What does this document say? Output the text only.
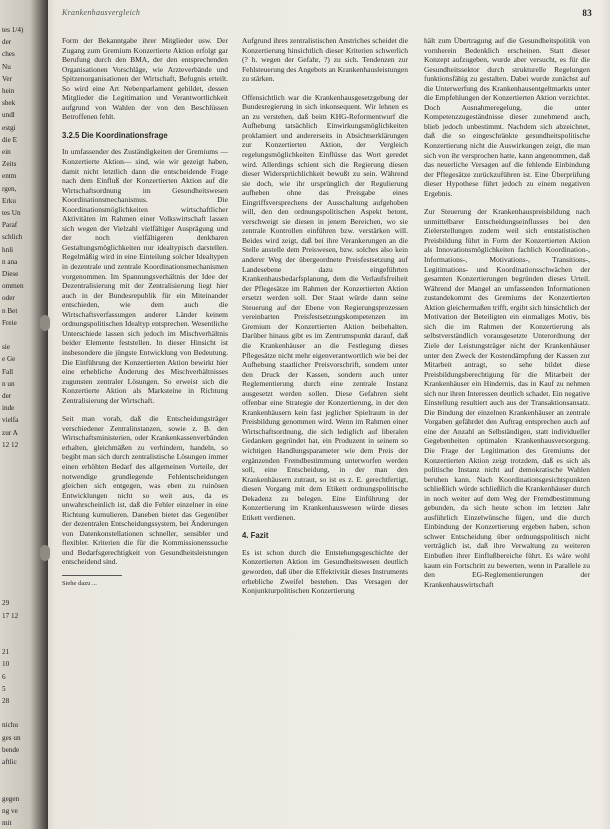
tes 1/4)
der
ches
Nu
Ver
hein
sbek
undl
estgi
die E
ein
Zeits
entm
rgen,
Erku
tes Un
Paraf
schlich
hnli
n ana
Diese
ommen
oder
n Bet
Freie
sie
e Ge
Fall
n un
der
inde
vielfa
zur A
12 12
29
17 12
21
10
6
5
28
nichu
ges un
bende
aftlic
gegen
ng ve
mit
Krankenhausvergleich	83

Form der Bekanntgabe ihrer Mitglieder usw. Der Zugang zum Gremium Konzertierte Aktion erfolgt gar Berufung durch den BMA, der den entsprechenden Organisationen Vorschläge, wie Arzteverbände und Spitzenorganisationen der Wirtschaft, Befugnis erteilt. So wird eine Art Nebenparlament gebildet, dessen Mitglieder die Legitimation und Verantwortlichkeit aufgrund von Wahlen der von den Beschlüssen Betroffenen fehlt.

3.2.5 Die Koordinationsfrage

In umfassender des Zuständigkeiten der Gremiums — Konzertierte Aktion— sind, wie wir gezeigt haben, damit nicht letztlich dann die entscheidende Frage nach dem Einfluß der Konzertierten Aktion auf die Wirtschaftsordnung im Gesundheitswesen Koordinationsmechanismus. Die Koordinationsmöglichkeiten wirtschaftlicher Aktivitäten im Rahmen einer Volkswirtschaft lassen sich wegen der Vielzahl vielfältiger Ausprägung und der noch vielfältigeren denkbaren Gestaltungsmöglichkeiten nur idealtypisch darstellen. Regelmäßig wird in eine Einteilung solcher Idealtypen in dezentrale und zentrale Koordinationsmechanismen vorgenommen. Im Spannungsverhältnis der Idee der Dezentralisierung mit der Zentralisierung liegt hier auch in der Bundesrepublik für ein Miteinander entschieden, wie dem auch die Wirtschaftsverfassungen anderer Länder keinem ordnungspolitischen Idealtyp entsprechen. Wesentliche Unterschiede lassen sich jedoch im Mischverhältnis beider Elemente feststellen. In dieser Hinsicht ist insbesondere die jüngste Entwicklung von Bedeutung. Die Einführung der Konzertierten Aktion bewirkt hier eine erhebliche Änderung des Mischverhältnisses zugunsten zentraler Lösungen. So erweist sich die Konzertierte Aktion als Marksteine in Richtung Zentralisierung der Wirtschaft.

Seit man vorab, daß die Entscheidungsträger verschiedener Zentralinstanzen, sowie z. B. den Wirtschaftsministerien, oder Krankenkassenverbänden erhalten, gleichmäßen zu verhindern, handeln, so begibt man sich durch zentralistische Lösungen immer einen erhöhten Bedarf des allgemeinen Vorteile, der notwendige grundlegende Fehlentscheidungen gleichen sich entgegen, was eben zu ruinösen Entwicklungen nicht so weit aus, da es unwahrscheinlich ist, daß die Fehler einzelner in eine Richtung kumulieren. Daneben bietet das Gegenüber der dezentralen Entscheidungssystem, bei Änderungen von Datenkonstellationen schneller, sensibler und flexibler. Kriterien die für die Kommissionenssuche und Bedarfsgerechtigkeit von Gesundheitsleistungen entscheidend sind.

Siehe dazu ...

Aufgrund ihres zentralistischen Anstriches scheidet die Konzertierung hinsichtlich dieser Kriterien schwerlich (? h. wegen der Gefahr, ?) zu sich. Tendenzen zur Fehlsteuerung des Angebots an Krankenhausleistungen zu stärken.

Offensichtlich war die Krankenhausgesetzgebung der Bundesregierung in sich inkonsequent. Wir lehnen es an zu verstehen, daß beim KHG-Reformentwurf die Aufhebung tatsächlich Einwirkungsmöglichkeiten proklamiert und andererseits in Absichtserklärungen zur Konzertierten Aktion, der Vergleich regelungsmöglichkeiten Einflüsse das Wort geredet wird. Allerdings schient sich die Regierung diesen dieser Widersprüchlichkeit bewußt zu sein. Während sie doch, wie ihr ursprünglich der Regulierung aufheben ohne das Preisgabe eines Eingriffsversprechens der Ausschaltung aufgehoben will, den den ordnungspolitischen Aspekt betont, verschweigt sie diesen in jenem Bereichen, wo sie zentrale Kontrollen einführen bzw. verstärken will. Beides wird zeigt, daß bei ihre Verankerungen an die Stelle anstelle dem Preiswesen, bzw. solches also kein anderer Weg der übergeordnete Preisfestsetzung auf Landesebene dazu eingeführten Krankenhausbedarfsplanung, dem die Verlaufsfreiheit der Pflegesätze im Rahmen der Konzertierten Aktion ersetzt werden soll. Der Staat würde dann seine Steuerung auf der Ebene von Regierungsprozessen vereinbarten Preisfestsetzungskompetenzen im Gremium der Konzertierten Aktion beibehalten. Darüber hinaus gibt es im Zentrumspunkt darauf, daß die Krankenhäuser an die Festlegung dieses Pflegesätze nicht mehr eigenverantwortlich wie bei der Aufhebung staatlicher Preisvorschrift, sondern unter den Druck der Kassen, sondern auch unter Reglementierung durch eine zentrale Instanz ausgesetzt werden sollen. Diese Gefahren sieht offenbar eine Strategie der Konzertierung, in der den Krankenhäusern kein fast jeglicher Spielraum in der Preisbildung genommen wird. Wenn im Rahmen einer Wirtschaftsordnung, die sich lediglich auf liberalen Gedanken gegründet hat, ein Produzent in seinem so wichtigen Handlungsparameter wie dem Preis der ergänzenden Fremdbestimmung unterworfen werden soll, eine Entscheidung, in der man den Krankenhäusern zutraut, so ist es z. E. gerechtfertigt, diesen Vorgang mit dem Etikett ordnungspolitische Dekadenz zu belegen. Eine Einführung der Konzertierung im Krankenhauswesen würde dieses Etikett verdienen.

4. Fazit

Es ist schon durch die Entstehungsgeschichte der Konzertierten Aktion im Gesundheitswesen deutlich geworden, daß über die Effektivität dieses Instruments erhebliche Zweifel bestehen. Das Versagen der Konjunkturpolitischen Konzertierung

hält zum Übertragung auf die Gesundheitspolitik von vornherein Bedenklich erscheinen. Statt dieser Konzept aufzugeben, wurde aber versucht, es für die Gesundheitssektor durch strukturelle Regelungen funktionsfähig zu gestalten. Dabei wurde zunächst auf die Unterwerfung des Krankenhausentgeltmarkts unter die Empfehlungen der Konzertierten Aktion verzichtet. Doch Ausnahmeregelung, die unter Kompetenzzugeständnisse dieser zunehmend auch, blieb jedoch unbestimmt. Nachdem sich abzeichnet, daß die so eingeschränkte gesundheitspolitische Konzertierung nicht die Auswirkungen zeigt, die man sich von ihr versprochen hatte, kann angenommen, daß das neuerliche Versagen auf die fehlende Einbindung der Pflegesätze zurückzuführen ist. Eine Überprüfung dieser Hypothese führt jedoch zu einem negativen Ergebnis.

Zur Steuerung der Krankenhauspreisbildung nach unmittelbarer Entscheidungseinflusses bei den Zielerstellungen zudem weil sich entstatistischen Preisbildung führt in Form der Konzertierten Aktion als Innovationsmöglichkeiten fachlich Koordination-, Informations-, Motivations-, Transitions-, Legitimations- und Koordinationsschwächen der gesamten Konzertierungen begründen dieses Urteil. Während der Mangel an umfassenden Informationen zustandekommt des Gremiums der Konzertierten Aktion gleichermaßen trifft, ergibt sich hinsichtlich der Motivation der Beteiligten ein einmaliges Motiv, bis sich die im Rahmen der Konzertierung als selbstverständlich vorausgesetzte Unterordnung der Ziele der Leistungsträger nicht der Krankenhäuser unter den Zweck der Kostendämpfung der Kassen zur Mitarbeit antragt, so sehe bildet diese Preisbildungsberechtigung für die Mitarbeit der Krankenhäuser ein Hindernis, das in Kauf zu nehmen sich nur ihren Interessen deutlich schadet. Ein negative Einstellung resultiert auch aus der Transaktionsansatz. Die Bindung der einzelnen Krankenhäuser an zentrale Vorgaben gefährdet den Auftrag entsprechen auch auf eine der Anzahl an Selbständigen, statt individueller Gegebenheiten optimalen Krankenhausversorgung. Die Frage der Legitimation des Gremiums der Konzertierten Aktion zeigt trotzdem, daß es sich als politische Instanz nicht auf demokratische Wahlen beruhen kann. Nach Koordinationsgesichtspunkten schließlich würde schließlich die Krankenhäuser durch in noch weiter auf dem Weg der Fremdbestimmung gebunden, da sich heute schon im letzten Jahr ausführlich Einzelwünsche fügen, und die durch Einbindung der Konzertierung ergeben haben, schon schwer Entscheidung über ordnungspolitisch nicht verträglich ist, daß ihre Verwaltung zu weiteren Einbußen ihrer Einflußbereiche führt. Es wäre wohl kaum ein Fortschritt zu bewerten, wenn in Parallele zu den EG-Reglementierungen der Krankenhauswirtschaft
